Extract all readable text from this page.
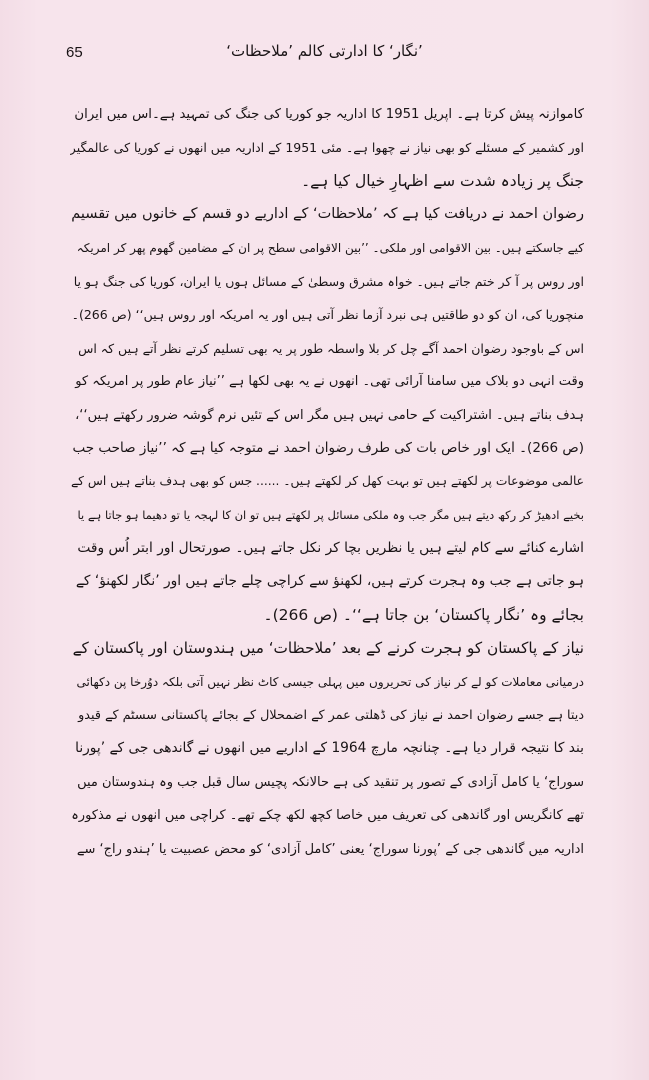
65	’نگار‘ کا ادارتی کالم ’ملاحظات‘
کاموازنہ پیش کرتا ہے۔ اپریل 1951 کا اداریہ جو کوریا کی جنگ کی تمہید ہے۔اس میں ایران
اور کشمیر کے مسئلے کو بھی نیاز نے چھوا ہے۔ مئی 1951 کے اداریہ میں انھوں نے کوریا کی عالمگیر
جنگ پر زیادہ شدت سے اظہارِ خیال کیا ہے۔
رضوان احمد نے دریافت کیا ہے کہ ’ملاحظات‘ کے اداریے دو قسم کے خانوں میں تقسیم
کیے جاسکتے ہیں۔ بین الاقوامی اور ملکی۔ ’’بین الاقوامی سطح پر ان کے مضامین گھوم پھر کر امریکہ
اور روس پر آ کر ختم جاتے ہیں۔ خواہ مشرق وسطیٰ کے مسائل ہوں یا ایران، کوریا کی جنگ ہو یا
منچوریا کی، ان کو دو طاقتیں ہی نبرد آزما نظر آتی ہیں اور یہ امریکہ اور روس ہیں‘‘ (ص 266)۔
اس کے باوجود رضوان احمد آگے چل کر بلا واسطہ طور پر یہ بھی تسلیم کرتے نظر آتے ہیں کہ اس
وقت انہی دو بلاک میں سامنا آرائی تھی۔ انھوں نے یہ بھی لکھا ہے ’’نیاز عام طور پر امریکہ کو
ہدف بناتے ہیں۔ اشتراکیت کے حامی نہیں ہیں مگر اس کے تئیں نرم گوشہ ضرور رکھتے ہیں‘‘،
(ص 266)۔ ایک اور خاص بات کی طرف رضوان احمد نے متوجہ کیا ہے کہ ’’نیاز صاحب جب
عالمی موضوعات پر لکھتے ہیں تو بہت کھل کر لکھتے ہیں۔ ...... جس کو بھی ہدف بناتے ہیں اس کے
بخیے ادھیڑ کر رکھ دیتے ہیں مگر جب وہ ملکی مسائل پر لکھتے ہیں تو ان کا لہجہ یا تو دھیما ہو جاتا ہے یا
اشارے کنائے سے کام لیتے ہیں یا نظریں بچا کر نکل جاتے ہیں۔ صورتحال اور ابتر اُس وقت
ہو جاتی ہے جب وہ ہجرت کرتے ہیں، لکھنؤ سے کراچی چلے جاتے ہیں اور ’نگار لکھنؤ‘ کے
بجائے وہ ’نگار پاکستان‘ بن جاتا ہے‘‘۔ (ص 266)۔
نیاز کے پاکستان کو ہجرت کرنے کے بعد ’ملاحظات‘ میں ہندوستان اور پاکستان کے
درمیانی معاملات کو لے کر نیاز کی تحریروں میں پہلی جیسی کاٹ نظر نہیں آتی بلکہ دوُرخا پن دکھائی
دیتا ہے جسے رضوان احمد نے نیاز کی ڈھلتی عمر کے اضمحلال کے بجائے پاکستانی سسٹم کے قیدو
بند کا نتیجہ قرار دیا ہے۔ چنانچہ مارچ 1964 کے اداریے میں انھوں نے گاندھی جی کے ’پورنا
سوراج‘ یا کامل آزادی کے تصور پر تنقید کی ہے حالانکہ پچیس سال قبل جب وہ ہندوستان میں
تھے کانگریس اور گاندھی کی تعریف میں خاصا کچھ لکھ چکے تھے۔ کراچی میں انھوں نے مذکورہ
اداریہ میں گاندھی جی کے ’پورنا سوراج‘ یعنی ’کامل آزادی‘ کو محض عصبیت یا ’ہندو راج‘ سے
